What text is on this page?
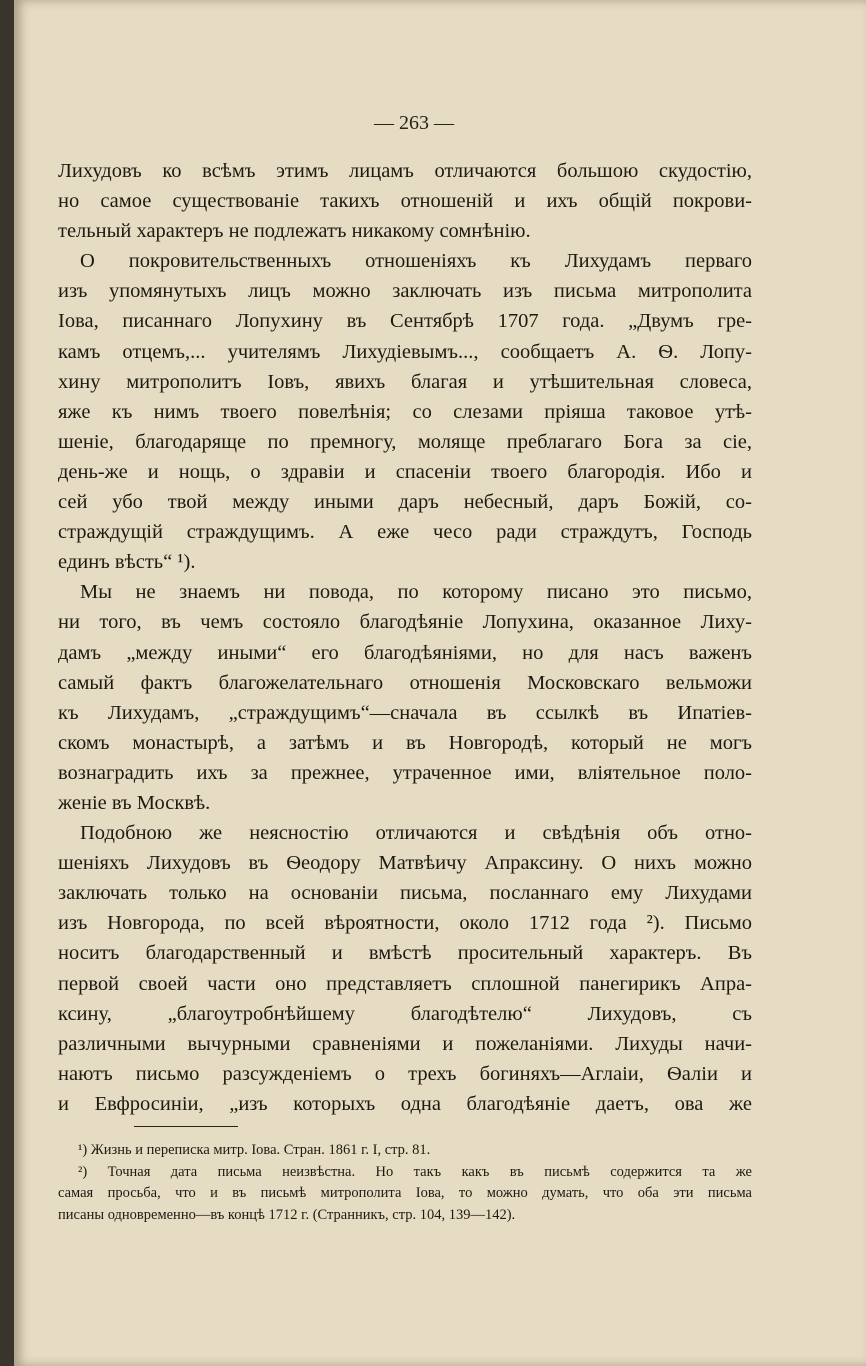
— 263 —
Лихудовъ ко всѣмъ этимъ лицамъ отличаются большою скудостію,
но самое существованіе такихъ отношеній и ихъ общій покрови-
тельный характеръ не подлежатъ никакому сомнѣнію.
О покровительственныхъ отношеніяхъ къ Лихудамъ перваго
изъ упомянутыхъ лицъ можно заключать изъ письма митрополита
Іова, писаннаго Лопухину въ Сентябрѣ 1707 года. „Двумъ гре-
камъ отцемъ,... учителямъ Лихудіевымъ..., сообщаетъ А. Ѳ. Лопу-
хину митрополитъ Іовъ, явихъ благая и утѣшительная словеса,
яже къ нимъ твоего повелѣнія; со слезами пріяша таковое утѣ-
шеніе, благодаряще по премногу, моляще преблагаго Бога за сіе,
день-же и нощь, о здравіи и спасеніи твоего благородія. Ибо и
сей убо твой между иными даръ небесный, даръ Божій, со-
страждущій страждущимъ. А еже чесо ради страждутъ, Господь
единъ вѣсть“ ¹).
Мы не знаемъ ни повода, по которому писано это письмо,
ни того, въ чемъ состояло благодѣяніе Лопухина, оказанное Лиху-
дамъ „между иными“ его благодѣяніями, но для насъ важенъ
самый фактъ благожелательнаго отношенія Московскаго вельможи
къ Лихудамъ, „страждущимъ“—сначала въ ссылкѣ въ Ипатіев-
скомъ монастырѣ, а затѣмъ и въ Новгородѣ, который не могъ
вознаградить ихъ за прежнее, утраченное ими, вліятельное поло-
женіе въ Москвѣ.
Подобною же неясностію отличаются и свѣдѣнія объ отно-
шеніяхъ Лихудовъ въ Ѳеодору Матвѣичу Апраксину. О нихъ можно
заключать только на основаніи письма, посланнаго ему Лихудами
изъ Новгорода, по всей вѣроятности, около 1712 года ²). Письмо
носитъ благодарственный и вмѣстѣ просительный характеръ. Въ
первой своей части оно представляетъ сплошной панегирикъ Апра-
ксину, „благоутробнѣйшему благодѣтелю“ Лихудовъ, съ
различными вычурными сравненіями и пожеланіями. Лихуды начи-
наютъ письмо разсужденіемъ о трехъ богиняхъ—Аглаіи, Ѳаліи и
и Евфросиніи, „изъ которыхъ одна благодѣяніе даетъ, ова же
¹) Жизнь и переписка митр. Іова. Стран. 1861 г. I, стр. 81.
²) Точная дата письма неизвѣстна. Но такъ какъ въ письмѣ содержится та же
самая просьба, что и въ письмѣ митрополита Іова, то можно думать, что оба эти письма
писаны одновременно—въ концѣ 1712 г. (Странникъ, стр. 104, 139—142).
